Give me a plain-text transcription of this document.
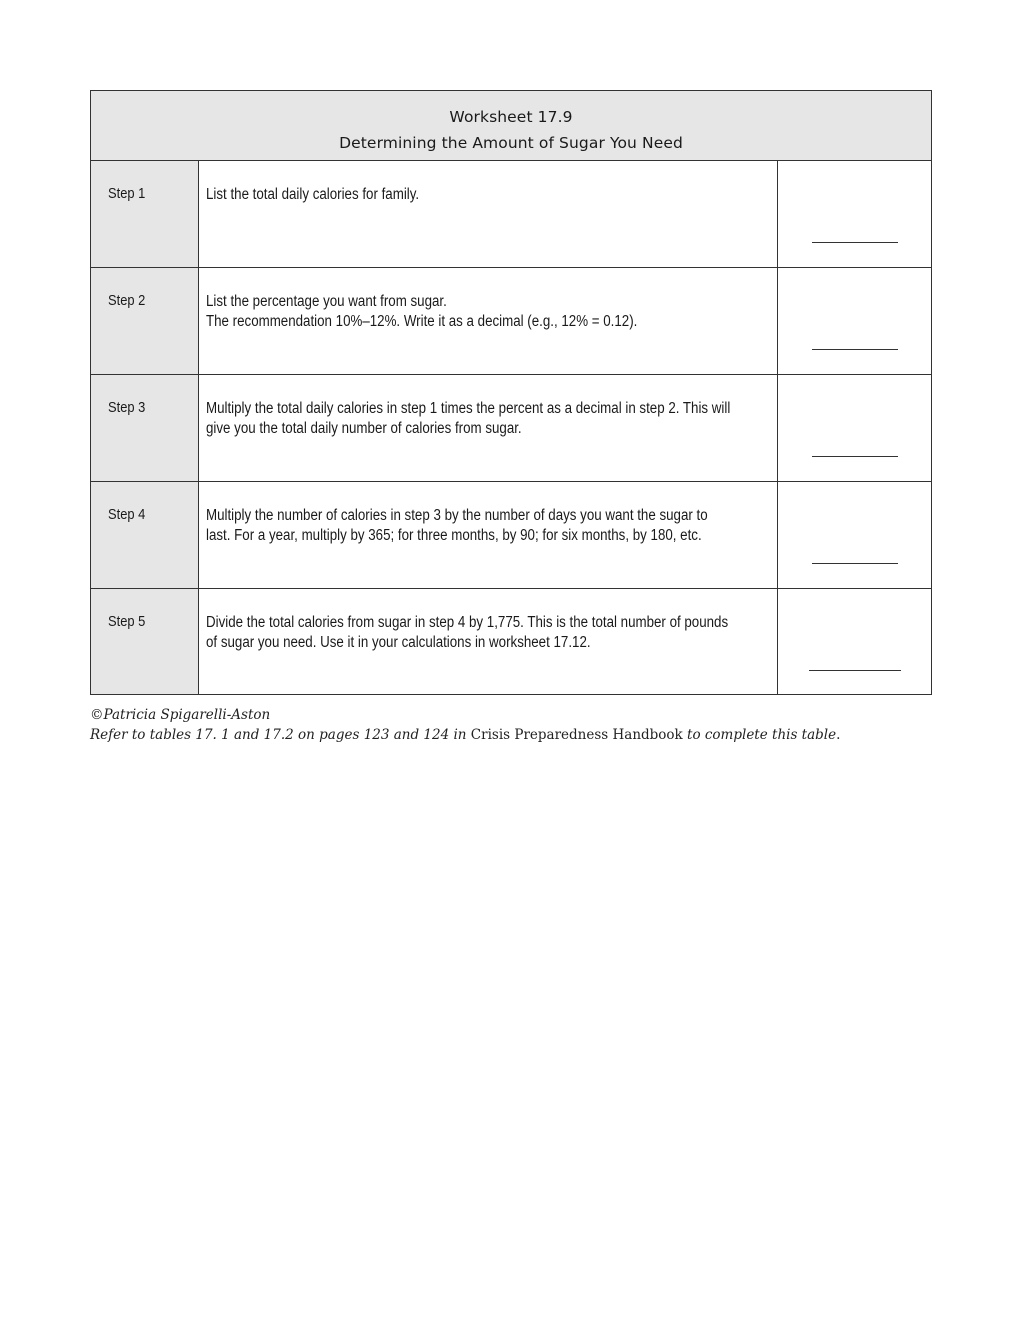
Worksheet 17.9
Determining the Amount of Sugar You Need
Step 1	List the total daily calories for family.
Step 2	List the percentage you want from sugar.
The recommendation 10%–12%. Write it as a decimal (e.g., 12% = 0.12).
Step 3	Multiply the total daily calories in step 1 times the percent as a decimal in step 2. This will
give you the total daily number of calories from sugar.
Step 4	Multiply the number of calories in step 3 by the number of days you want the sugar to
last. For a year, multiply by 365; for three months, by 90; for six months, by 180, etc.
Step 5	Divide the total calories from sugar in step 4 by 1,775. This is the total number of pounds
of sugar you need. Use it in your calculations in worksheet 17.12.
©Patricia Spigarelli-Aston
Refer to tables 17. 1 and 17.2 on pages 123 and 124 in Crisis Preparedness Handbook to complete this table.
